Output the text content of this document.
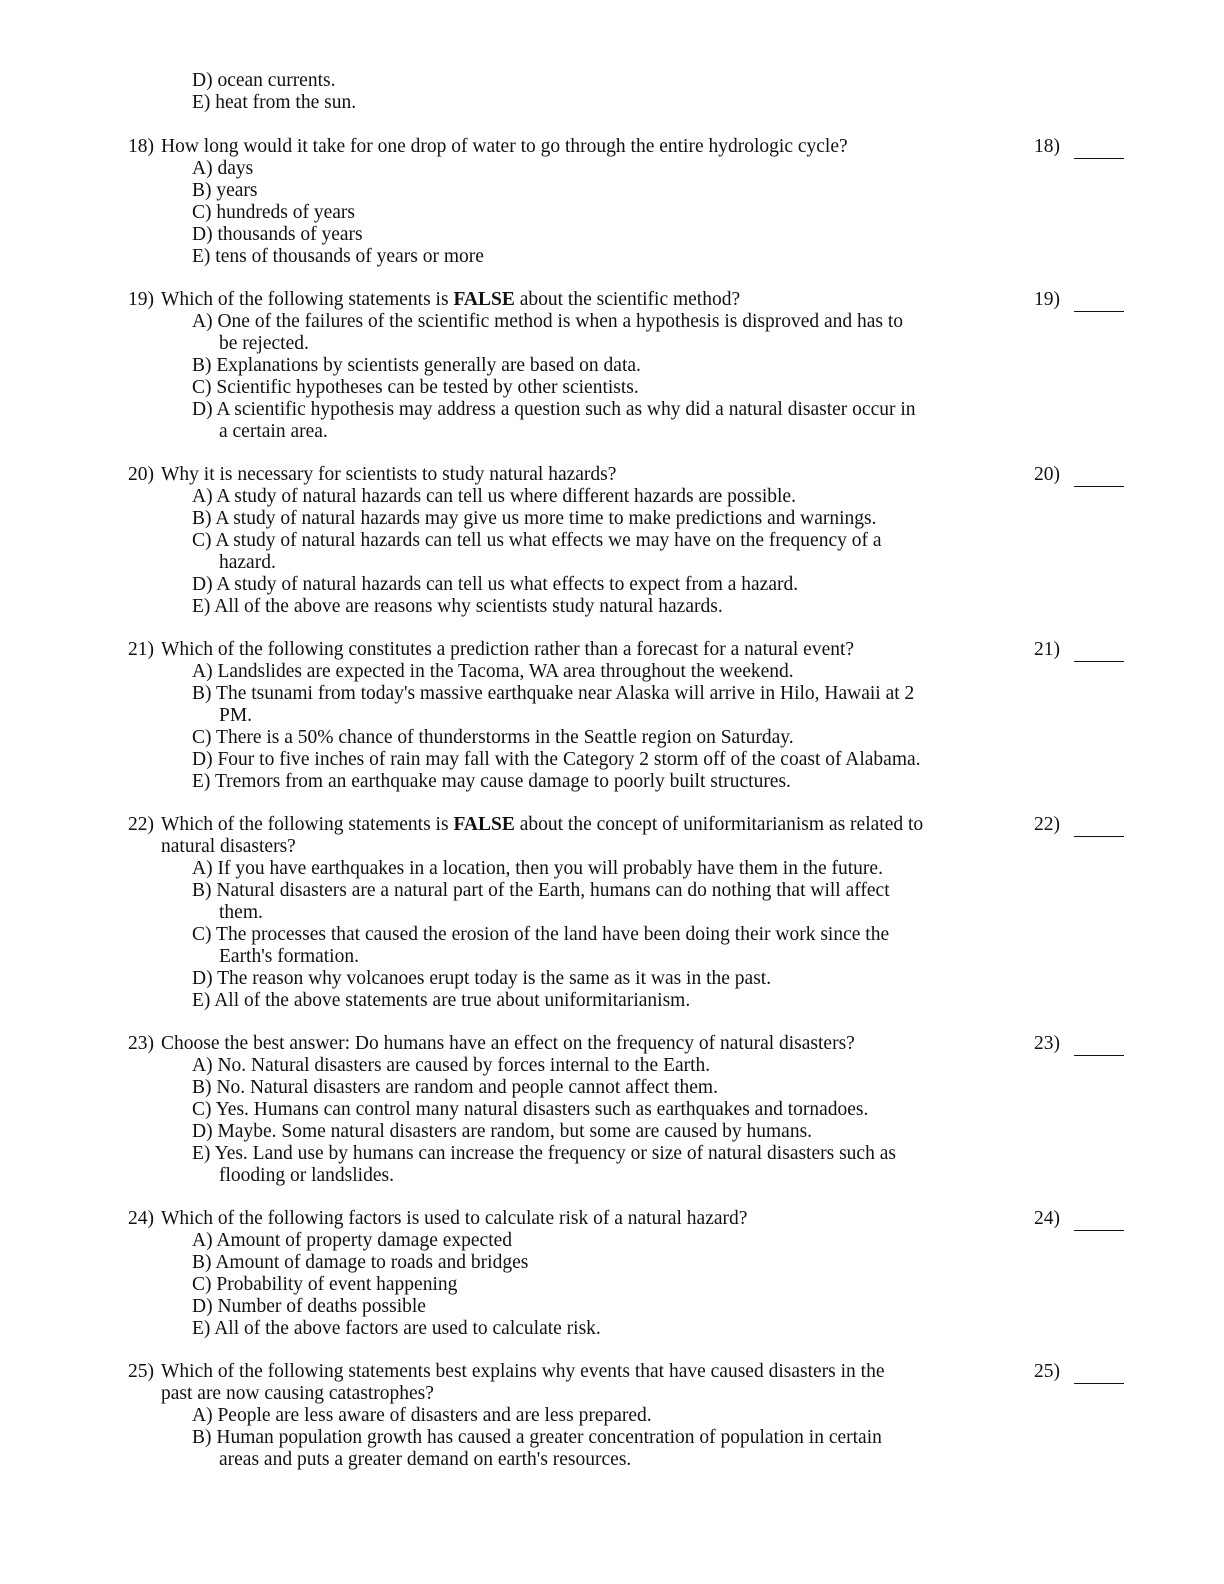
D) ocean currents.
E) heat from the sun.
18) How long would it take for one drop of water to go through the entire hydrologic cycle?	18)
A) days
B) years
C) hundreds of years
D) thousands of years
E) tens of thousands of years or more
19) Which of the following statements is FALSE about the scientific method?	19)
A) One of the failures of the scientific method is when a hypothesis is disproved and has to
be rejected.
B) Explanations by scientists generally are based on data.
C) Scientific hypotheses can be tested by other scientists.
D) A scientific hypothesis may address a question such as why did a natural disaster occur in
a certain area.
20) Why it is necessary for scientists to study natural hazards?	20)
A) A study of natural hazards can tell us where different hazards are possible.
B) A study of natural hazards may give us more time to make predictions and warnings.
C) A study of natural hazards can tell us what effects we may have on the frequency of a
hazard.
D) A study of natural hazards can tell us what effects to expect from a hazard.
E) All of the above are reasons why scientists study natural hazards.
21) Which of the following constitutes a prediction rather than a forecast for a natural event?	21)
A) Landslides are expected in the Tacoma, WA area throughout the weekend.
B) The tsunami from today's massive earthquake near Alaska will arrive in Hilo, Hawaii at 2
PM.
C) There is a 50% chance of thunderstorms in the Seattle region on Saturday.
D) Four to five inches of rain may fall with the Category 2 storm off of the coast of Alabama.
E) Tremors from an earthquake may cause damage to poorly built structures.
22) Which of the following statements is FALSE about the concept of uniformitarianism as related to
natural disasters?
22)
A) If you have earthquakes in a location, then you will probably have them in the future.
B) Natural disasters are a natural part of the Earth, humans can do nothing that will affect
them.
C) The processes that caused the erosion of the land have been doing their work since the
Earth's formation.
D) The reason why volcanoes erupt today is the same as it was in the past.
E) All of the above statements are true about uniformitarianism.
23) Choose the best answer: Do humans have an effect on the frequency of natural disasters?	23)
A) No. Natural disasters are caused by forces internal to the Earth.
B) No. Natural disasters are random and people cannot affect them.
C) Yes. Humans can control many natural disasters such as earthquakes and tornadoes.
D) Maybe. Some natural disasters are random, but some are caused by humans.
E) Yes. Land use by humans can increase the frequency or size of natural disasters such as
flooding or landslides.
24) Which of the following factors is used to calculate risk of a natural hazard?	24)
A) Amount of property damage expected
B) Amount of damage to roads and bridges
C) Probability of event happening
D) Number of deaths possible
E) All of the above factors are used to calculate risk.
25) Which of the following statements best explains why events that have caused disasters in the
past are now causing catastrophes?
25)
A) People are less aware of disasters and are less prepared.
B) Human population growth has caused a greater concentration of population in certain
areas and puts a greater demand on earth's resources.
